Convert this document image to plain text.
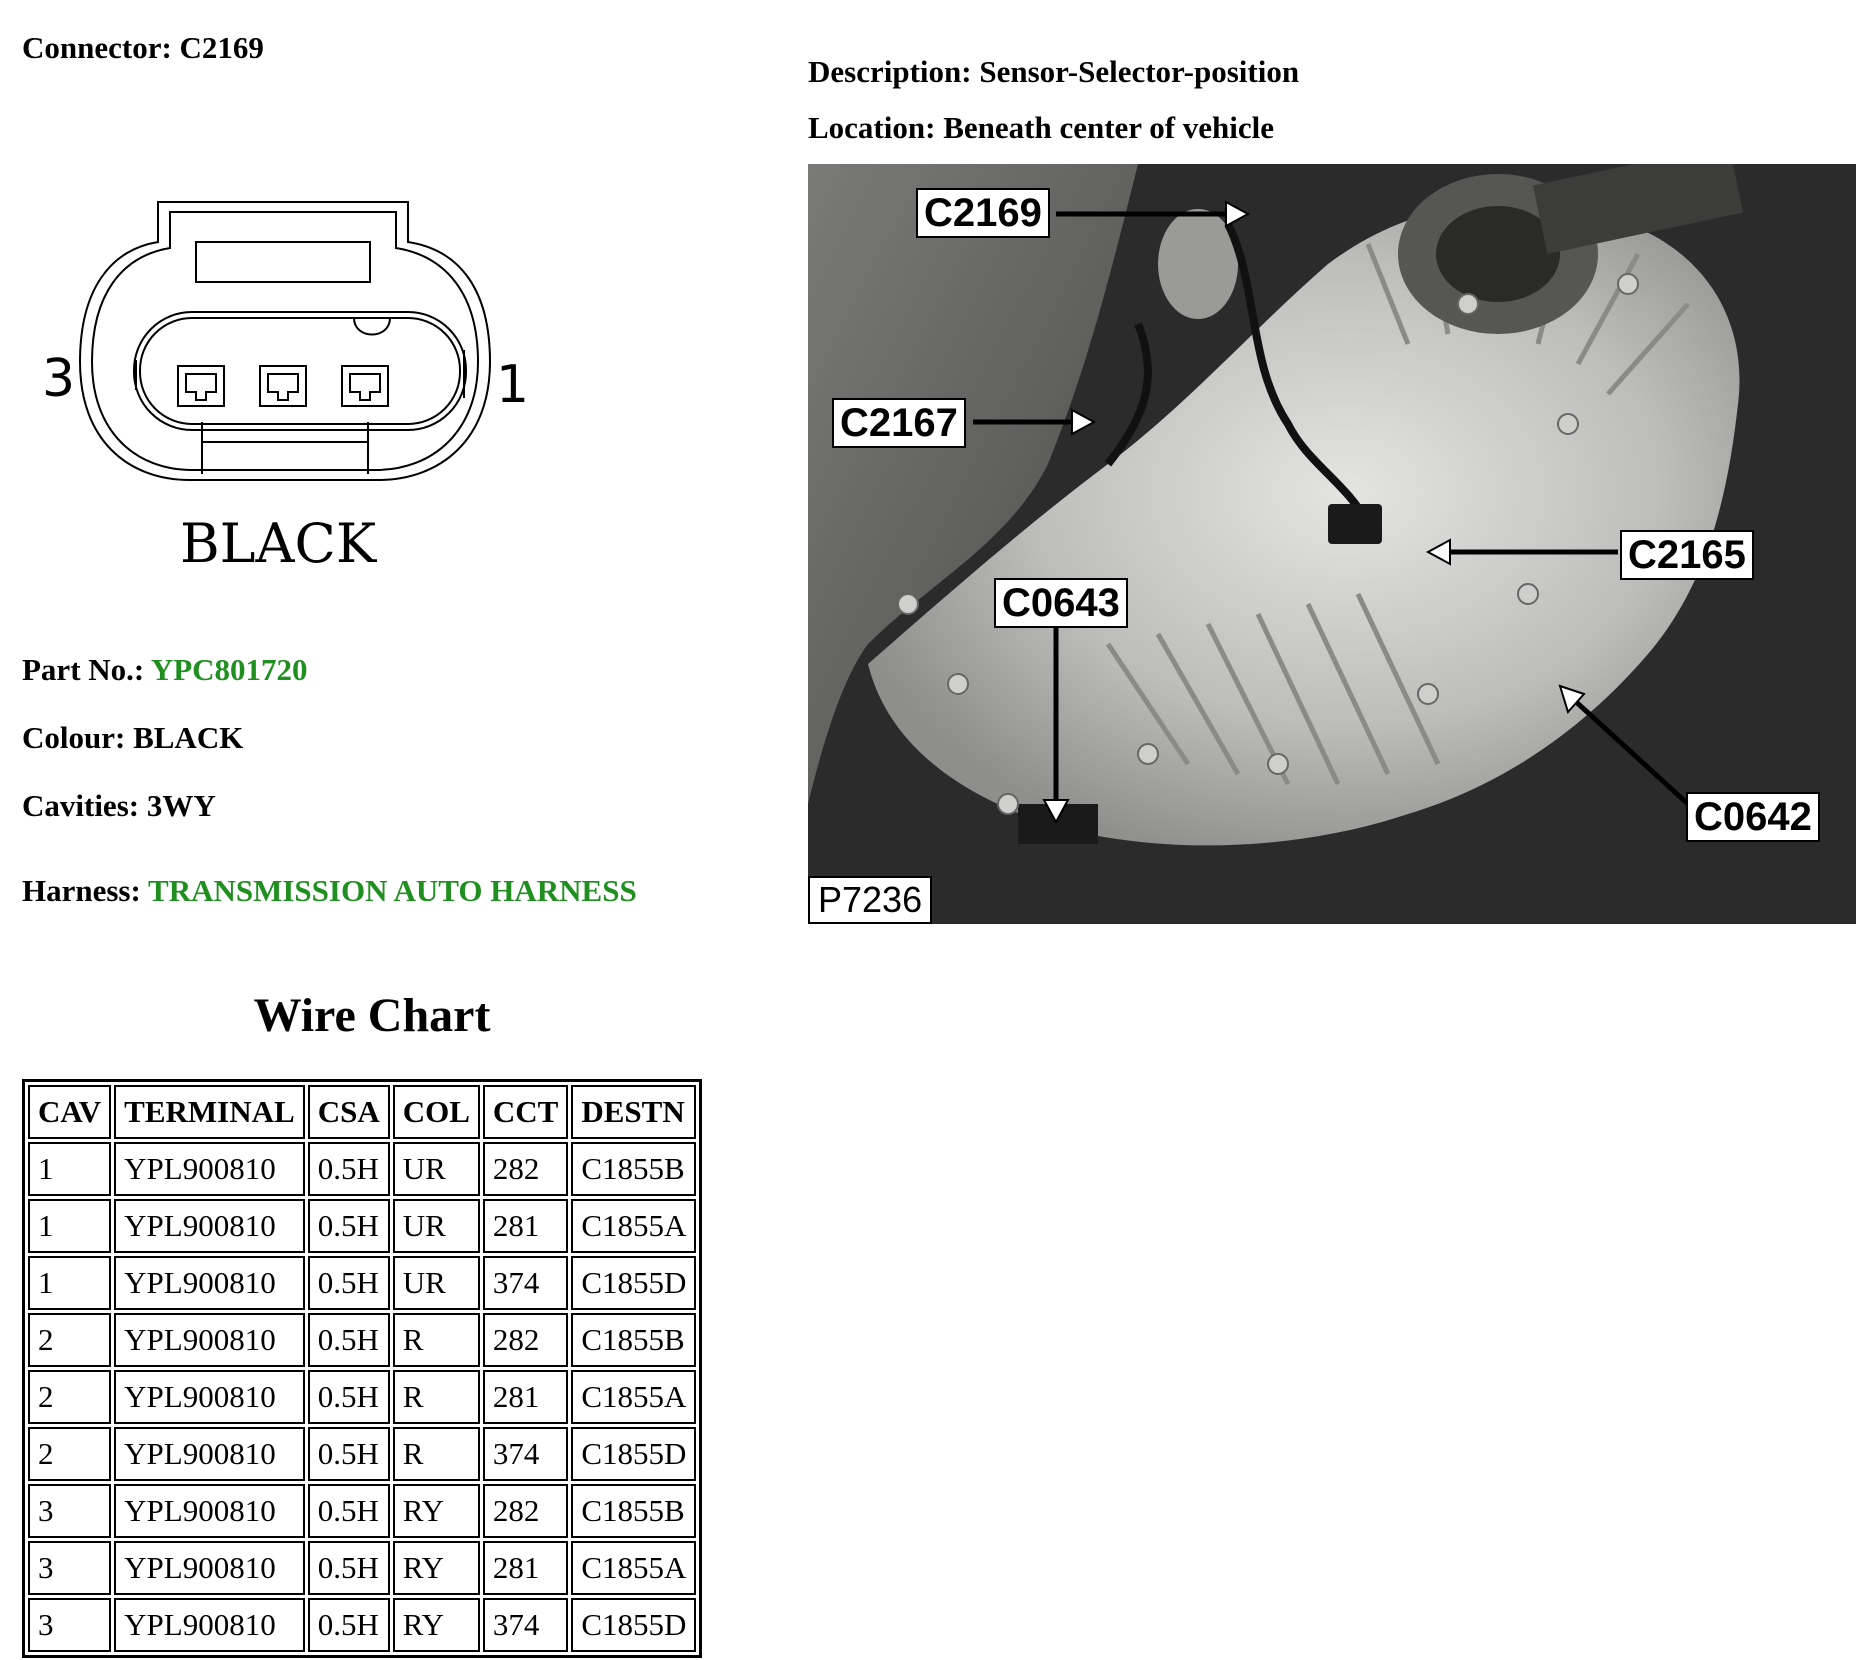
Connector: C2169
Description: Sensor-Selector-position
Location: Beneath center of vehicle
3	1
BLACK
Part No.: YPC801720
Colour: BLACK
Cavities: 3WY
Harness: TRANSMISSION AUTO HARNESS
Wire Chart
CAV	TERMINAL	CSA	COL	CCT	DESTN
1	YPL900810	0.5H	UR	282	C1855B
1	YPL900810	0.5H	UR	281	C1855A
1	YPL900810	0.5H	UR	374	C1855D
2	YPL900810	0.5H	R	282	C1855B
2	YPL900810	0.5H	R	281	C1855A
2	YPL900810	0.5H	R	374	C1855D
3	YPL900810	0.5H	RY	282	C1855B
3	YPL900810	0.5H	RY	281	C1855A
3	YPL900810	0.5H	RY	374	C1855D
C2169
C2167
C2165
C0643
C0642
P7236
